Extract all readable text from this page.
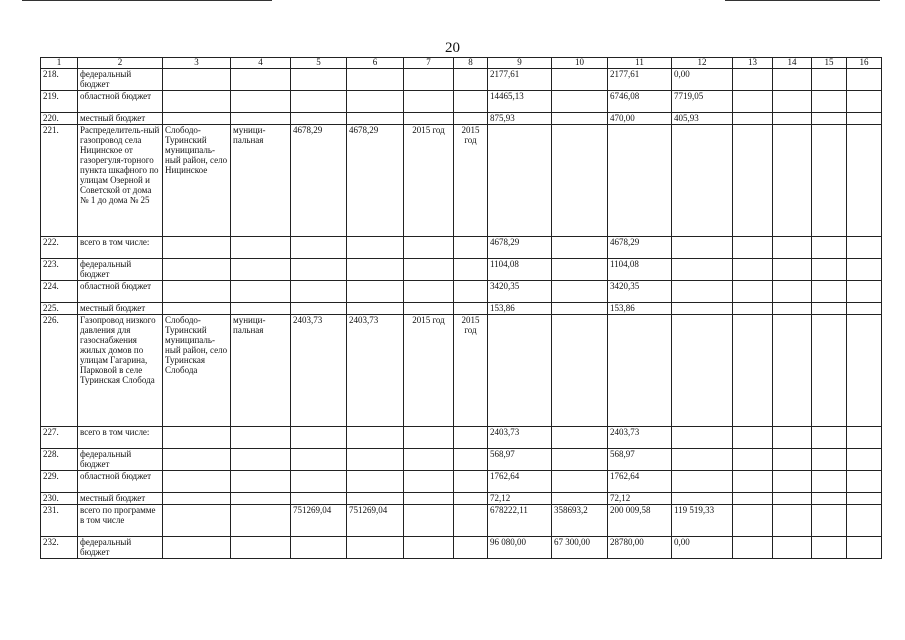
20
1	2	3	4	5	6	7	8	9	10	11	12	13	14	15	16
218.	федеральный бюджет							2177,61		2177,61	0,00				
219.	областной бюджет							14465,13		6746,08	7719,05				
220.	местный бюджет							875,93		470,00	405,93				
221.	Распределитель-ный газопровод села Ницинское от газорегуля-торного пункта шкафного по улицам Озерной и Советской от дома № 1 до дома № 25	Слободо-Туринский муниципаль-ный район, село Ницинское	муници-пальная	4678,29	4678,29	2015 год	2015 год								
222.	всего в том числе:							4678,29		4678,29					
223.	федеральный бюджет							1104,08		1104,08					
224.	областной бюджет							3420,35		3420,35					
225.	местный бюджет							153,86		153,86					
226.	Газопровод низкого давления для газоснабжения жилых домов по улицам Гагарина, Парковой в селе Туринская Слобода	Слободо-Туринский муниципаль-ный район, село Туринская Слобода	муници-пальная	2403,73	2403,73	2015 год	2015 год								
227.	всего в том числе:							2403,73		2403,73					
228.	федеральный бюджет							568,97		568,97					
229.	областной бюджет							1762,64		1762,64					
230.	местный бюджет							72,12		72,12					
231.	всего по программе в том числе			751269,04	751269,04			678222,11	358693,2	200 009,58	119 519,33				
232.	федеральный бюджет							96 080,00	67 300,00	28780,00	0,00				
